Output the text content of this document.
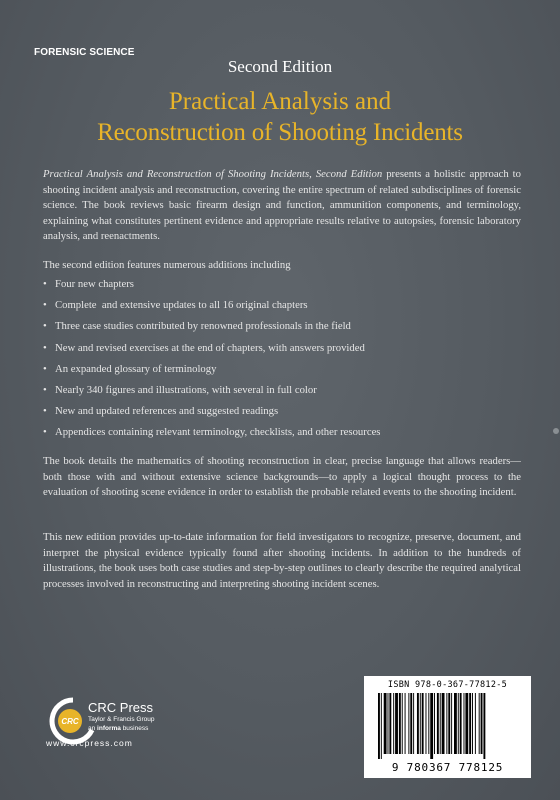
FORENSIC SCIENCE
Second Edition
Practical Analysis and
Reconstruction of Shooting Incidents
Practical Analysis and Reconstruction of Shooting Incidents, Second Edition presents a holistic approach to shooting incident analysis and reconstruction, covering the entire spectrum of related subdisciplines of forensic science. The book reviews basic firearm design and function, ammunition components, and terminology, explaining what constitutes pertinent evidence and appropriate results relative to autopsies, forensic laboratory analysis, and reenactments.
The second edition features numerous additions including
• Four new chapters
• Complete  and extensive updates to all 16 original chapters
• Three case studies contributed by renowned professionals in the field
• New and revised exercises at the end of chapters, with answers provided
• An expanded glossary of terminology
• Nearly 340 figures and illustrations, with several in full color
• New and updated references and suggested readings
• Appendices containing relevant terminology, checklists, and other resources
The book details the mathematics of shooting reconstruction in clear, precise language that allows readers—both those with and without extensive science backgrounds—to apply a logical thought process to the evaluation of shooting scene evidence in order to establish the probable related events to the shooting incident.
This new edition provides up-to-date information for field investigators to recognize, preserve, document, and interpret the physical evidence typically found after shooting incidents. In addition to the hundreds of illustrations, the book uses both case studies and step-by-step outlines to clearly describe the required analytical processes involved in reconstructing and interpreting shooting incident scenes.
CRC
CRC Press
Taylor & Francis Group
an informa business
www.crcpress.com
ISBN 978-0-367-77812-5
9 780367 778125
